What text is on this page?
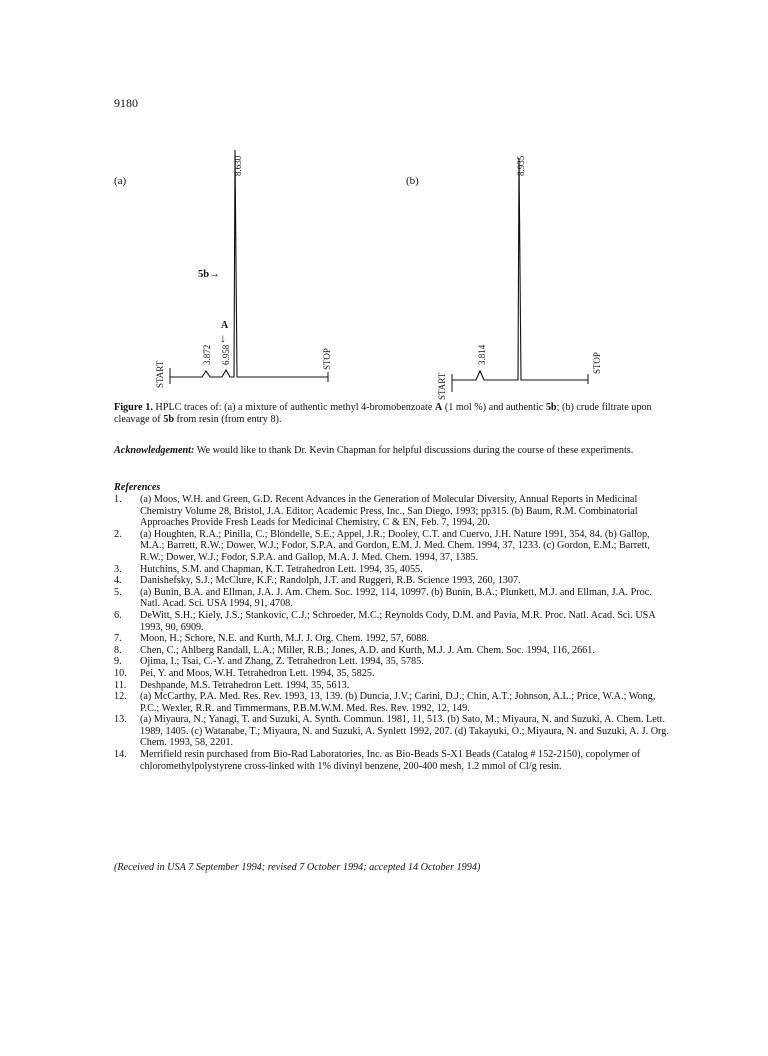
9180
(a)
START
STOP
3.872 6.958
8.630
5b→
A
↓
(b)
START
STOP
3.814
8.935
Figure 1. HPLC traces of: (a) a mixture of authentic methyl 4-bromobenzoate A (1 mol %) and authentic 5b; (b) crude filtrate upon cleavage of 5b from resin (from entry 8).
Acknowledgement: We would like to thank Dr. Kevin Chapman for helpful discussions during the course of these experiments.
References
1.	(a) Moos, W.H. and Green, G.D. Recent Advances in the Generation of Molecular Diversity, Annual Reports in Medicinal Chemistry Volume 28, Bristol, J.A. Editor; Academic Press, Inc., San Diego, 1993; pp315. (b) Baum, R.M. Combinatorial Approaches Provide Fresh Leads for Medicinal Chemistry, C & EN, Feb. 7, 1994, 20.
2.	(a) Houghten, R.A.; Pinilla, C.; Blondelle, S.E.; Appel, J.R.; Dooley, C.T. and Cuervo, J.H. Nature 1991, 354, 84. (b) Gallop, M.A.; Barrett, R.W.; Dower, W.J.; Fodor, S.P.A. and Gordon, E.M. J. Med. Chem. 1994, 37, 1233. (c) Gordon, E.M.; Barrett, R.W.; Dower, W.J.; Fodor, S.P.A. and Gallop, M.A. J. Med. Chem. 1994, 37, 1385.
3.	Hutchins, S.M. and Chapman, K.T. Tetrahedron Lett. 1994, 35, 4055.
4.	Danishefsky, S.J.; McClure, K.F.; Randolph, J.T. and Ruggeri, R.B. Science 1993, 260, 1307.
5.	(a) Bunin, B.A. and Ellman, J.A. J. Am. Chem. Soc. 1992, 114, 10997. (b) Bunin, B.A.; Plunkett, M.J. and Ellman, J.A. Proc. Natl. Acad. Sci. USA 1994, 91, 4708.
6.	DeWitt, S.H.; Kiely, J.S.; Stankovic, C.J.; Schroeder, M.C.; Reynolds Cody, D.M. and Pavia, M.R. Proc. Natl. Acad. Sci. USA 1993, 90, 6909.
7.	Moon, H.; Schore, N.E. and Kurth, M.J. J. Org. Chem. 1992, 57, 6088.
8.	Chen, C.; Ahlberg Randall, L.A.; Miller, R.B.; Jones, A.D. and Kurth, M.J. J. Am. Chem. Soc. 1994, 116, 2661.
9.	Ojima, I.; Tsai, C.-Y. and Zhang, Z. Tetrahedron Lett. 1994, 35, 5785.
10.	Pei, Y. and Moos, W.H. Tetrahedron Lett. 1994, 35, 5825.
11.	Deshpande, M.S. Tetrahedron Lett. 1994, 35, 5613.
12.	(a) McCarthy, P.A. Med. Res. Rev. 1993, 13, 139. (b) Duncia, J.V.; Carini, D.J.; Chin, A.T.; Johnson, A.L.; Price, W.A.; Wong, P.C.; Wexler, R.R. and Timmermans, P.B.M.W.M. Med. Res. Rev. 1992, 12, 149.
13.	(a) Miyaura, N.; Yanagi, T. and Suzuki, A. Synth. Commun. 1981, 11, 513. (b) Sato, M.; Miyaura, N. and Suzuki, A. Chem. Lett. 1989, 1405. (c) Watanabe, T.; Miyaura, N. and Suzuki, A. Synlett 1992, 207. (d) Takayuki, O.; Miyaura, N. and Suzuki, A. J. Org. Chem. 1993, 58, 2201.
14.	Merrifield resin purchased from Bio-Rad Laboratories, Inc. as Bio-Beads S-X1 Beads (Catalog # 152-2150), copolymer of chloromethylpolystyrene cross-linked with 1% divinyl benzene, 200-400 mesh, 1.2 mmol of Cl/g resin.
(Received in USA 7 September 1994; revised 7 October 1994; accepted 14 October 1994)
